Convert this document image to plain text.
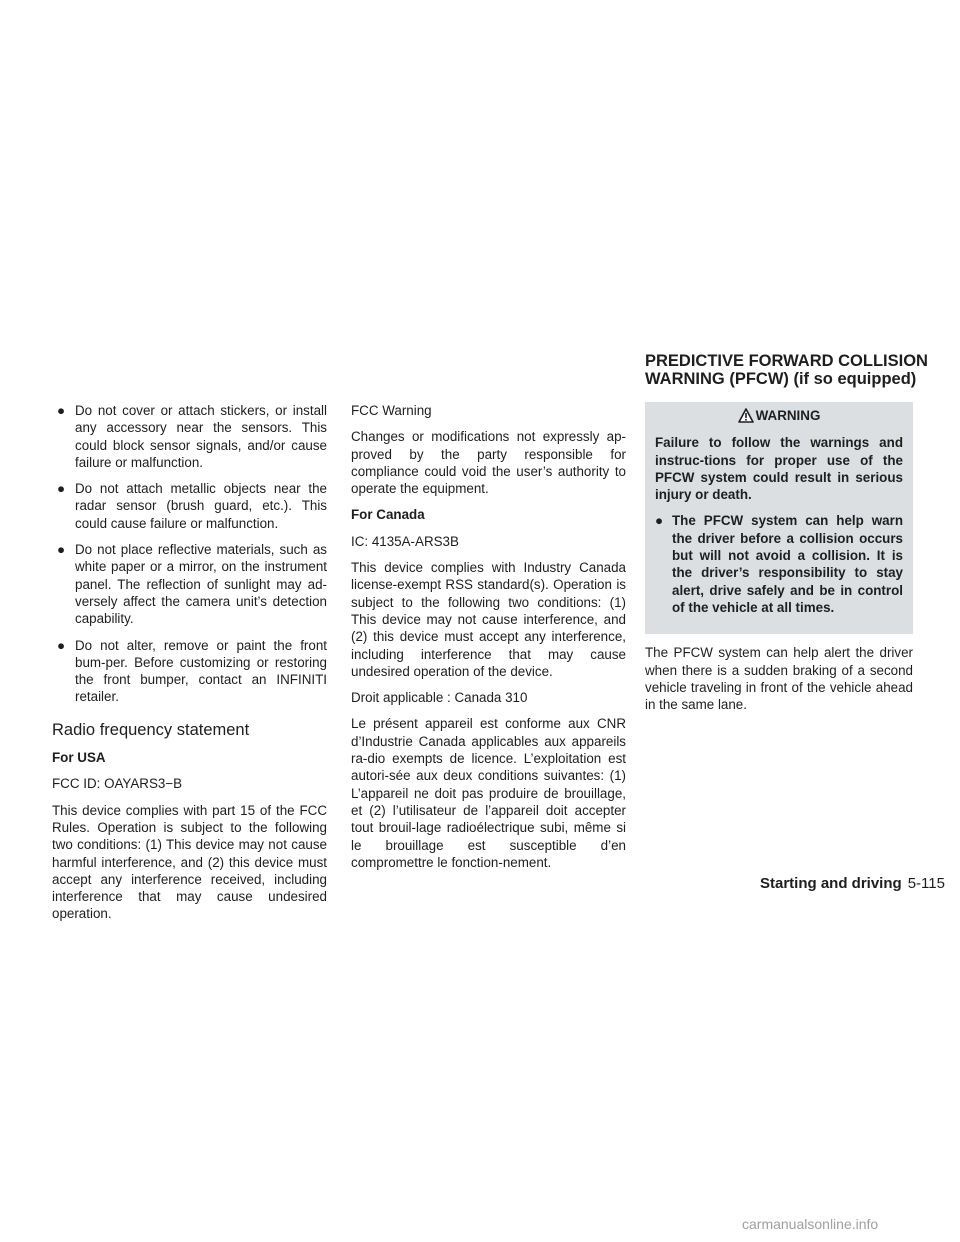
PREDICTIVE FORWARD COLLISION WARNING (PFCW) (if so equipped)
● Do not cover or attach stickers, or install any accessory near the sensors. This could block sensor signals, and/or cause failure or malfunction.
● Do not attach metallic objects near the radar sensor (brush guard, etc.). This could cause failure or malfunction.
● Do not place reflective materials, such as white paper or a mirror, on the instrument panel. The reflection of sunlight may ad-versely affect the camera unit’s detection capability.
● Do not alter, remove or paint the front bum-per. Before customizing or restoring the front bumper, contact an INFINITI retailer.
Radio frequency statement

For USA

FCC ID: OAYARS3−B

This device complies with part 15 of the FCC Rules. Operation is subject to the following two conditions: (1) This device may not cause harmful interference, and (2) this device must accept any interference received, including interference that may cause undesired operation.

FCC Warning

Changes or modifications not expressly ap-proved by the party responsible for compliance could void the user’s authority to operate the equipment.

For Canada

IC: 4135A-ARS3B

This device complies with Industry Canada license-exempt RSS standard(s). Operation is subject to the following two conditions: (1) This device may not cause interference, and (2) this device must accept any interference, including interference that may cause undesired operation of the device.

Droit applicable : Canada 310

Le présent appareil est conforme aux CNR d’Industrie Canada applicables aux appareils ra-dio exempts de licence. L’exploitation est autori-sée aux deux conditions suivantes: (1) L’appareil ne doit pas produire de brouillage, et (2) l’utilisateur de l’appareil doit accepter tout brouil-lage radioélectrique subi, même si le brouillage est susceptible d’en compromettre le fonction-nement.

WARNING

Failure to follow the warnings and instruc-tions for proper use of the PFCW system could result in serious injury or death.

● The PFCW system can help warn the driver before a collision occurs but will not avoid a collision. It is the driver’s responsibility to stay alert, drive safely and be in control of the vehicle at all times.

The PFCW system can help alert the driver when there is a sudden braking of a second vehicle traveling in front of the vehicle ahead in the same lane.

Starting and driving 5-115
carmanualsonline.info
